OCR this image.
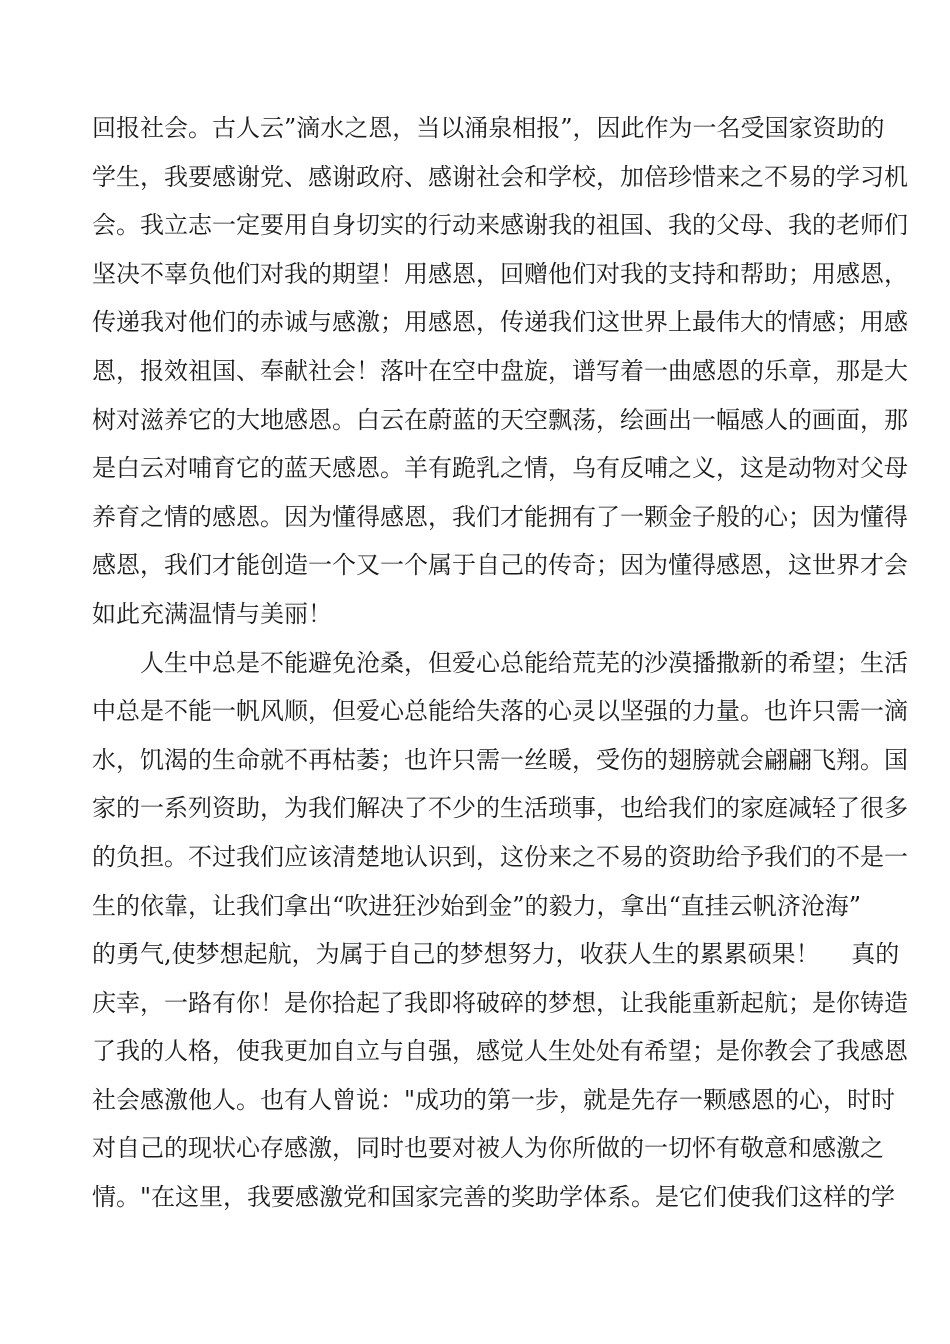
回报社会。古人云”滴水之恩，当以涌泉相报”，因此作为一名受国家资助的
学生，我要感谢党、感谢政府、感谢社会和学校，加倍珍惜来之不易的学习机
会。我立志一定要用自身切实的行动来感谢我的祖国、我的父母、我的老师们
坚决不辜负他们对我的期望！用感恩，回赠他们对我的支持和帮助；用感恩，
传递我对他们的赤诚与感激；用感恩，传递我们这世界上最伟大的情感；用感
恩，报效祖国、奉献社会！落叶在空中盘旋，谱写着一曲感恩的乐章，那是大
树对滋养它的大地感恩。白云在蔚蓝的天空飘荡，绘画出一幅感人的画面，那
是白云对哺育它的蓝天感恩。羊有跪乳之情，乌有反哺之义，这是动物对父母
养育之情的感恩。因为懂得感恩，我们才能拥有了一颗金子般的心；因为懂得
感恩，我们才能创造一个又一个属于自己的传奇；因为懂得感恩，这世界才会
如此充满温情与美丽！
人生中总是不能避免沧桑，但爱心总能给荒芜的沙漠播撒新的希望；生活
中总是不能一帆风顺，但爱心总能给失落的心灵以坚强的力量。也许只需一滴
水，饥渴的生命就不再枯萎；也许只需一丝暖，受伤的翅膀就会翩翩飞翔。国
家的一系列资助，为我们解决了不少的生活琐事，也给我们的家庭减轻了很多
的负担。不过我们应该清楚地认识到，这份来之不易的资助给予我们的不是一
生的依靠，让我们拿出“吹进狂沙始到金”的毅力，拿出“直挂云帆济沧海”
的勇气,使梦想起航，为属于自己的梦想努力，收获人生的累累硕果！　 真的
庆幸，一路有你！是你拾起了我即将破碎的梦想，让我能重新起航；是你铸造
了我的人格，使我更加自立与自强，感觉人生处处有希望；是你教会了我感恩
社会感激他人。也有人曾说："成功的第一步，就是先存一颗感恩的心，时时
对自己的现状心存感激，同时也要对被人为你所做的一切怀有敬意和感激之
情。"在这里，我要感激党和国家完善的奖助学体系。是它们使我们这样的学
